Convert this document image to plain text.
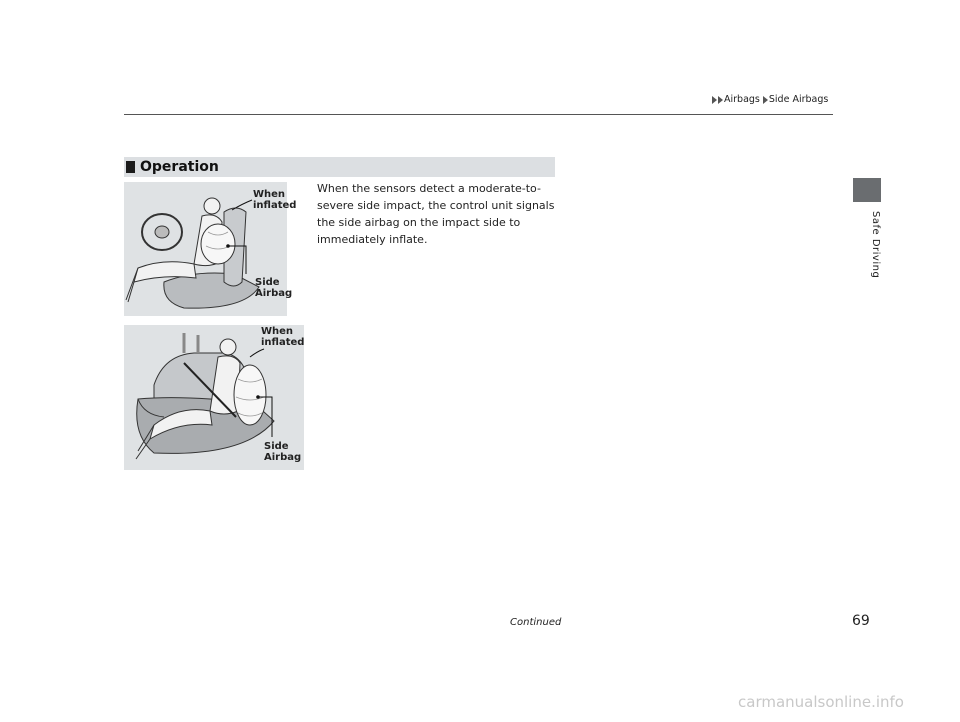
Airbags Side Airbags
Safe Driving
Operation
When the sensors detect a moderate-to-severe side impact, the control unit signals the side airbag on the impact side to immediately inflate.
When inflated
Side Airbag
When inflated
Side Airbag
Continued	69
carmanualsonline.info
